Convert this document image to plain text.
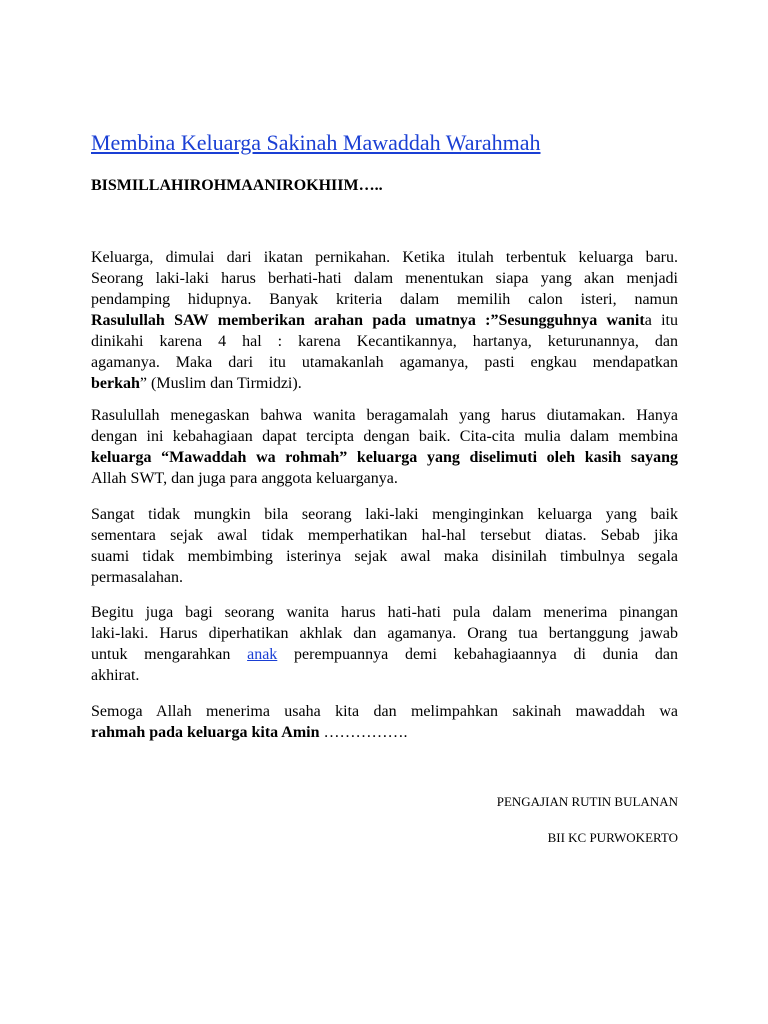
Membina Keluarga Sakinah Mawaddah Warahmah

BISMILLAHIROHMAANIROKHIIM…..

Keluarga, dimulai dari ikatan pernikahan. Ketika itulah terbentuk keluarga baru.
Seorang laki-laki harus berhati-hati dalam menentukan siapa yang akan menjadi
pendamping hidupnya. Banyak kriteria dalam memilih calon isteri, namun
Rasulullah SAW memberikan arahan pada umatnya :”Sesungguhnya wanita itu
dinikahi karena 4 hal : karena Kecantikannya, hartanya, keturunannya, dan
agamanya. Maka dari itu utamakanlah agamanya, pasti engkau mendapatkan
berkah” (Muslim dan Tirmidzi).
Rasulullah menegaskan bahwa wanita beragamalah yang harus diutamakan. Hanya
dengan ini kebahagiaan dapat tercipta dengan baik. Cita-cita mulia dalam membina
keluarga “Mawaddah wa rohmah” keluarga yang diselimuti oleh kasih sayang
Allah SWT, dan juga para anggota keluarganya.
Sangat tidak mungkin bila seorang laki-laki menginginkan keluarga yang baik
sementara sejak awal tidak memperhatikan hal-hal tersebut diatas. Sebab jika
suami tidak membimbing isterinya sejak awal maka disinilah timbulnya segala
permasalahan.
Begitu juga bagi seorang wanita harus hati-hati pula dalam menerima pinangan
laki-laki. Harus diperhatikan akhlak dan agamanya. Orang tua bertanggung jawab
untuk mengarahkan anak perempuannya demi kebahagiaannya di dunia dan
akhirat.
Semoga Allah menerima usaha kita dan melimpahkan sakinah mawaddah wa
rahmah pada keluarga kita Amin …………….

PENGAJIAN RUTIN BULANAN

BII KC PURWOKERTO
